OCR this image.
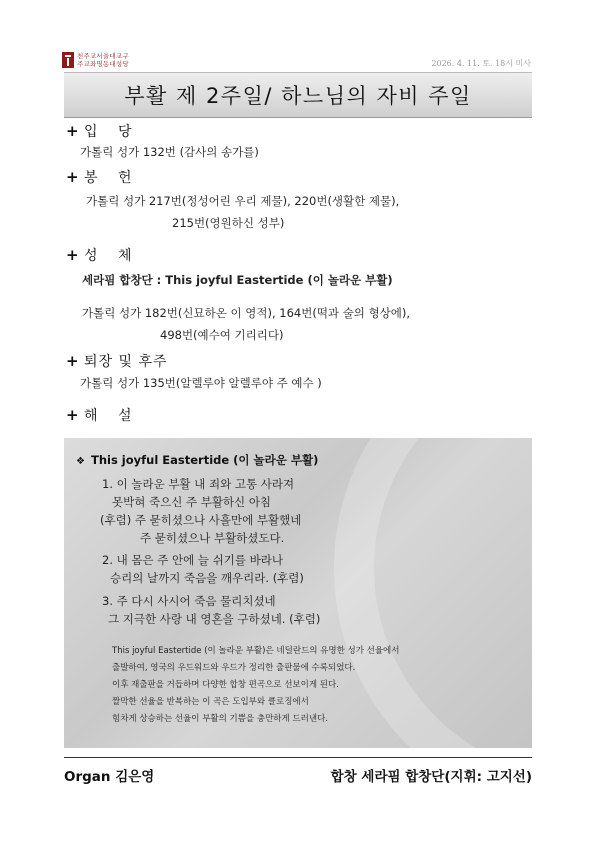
천주교서울대교구
주교좌명동대성당	2026. 4. 11. 토. 18시 미사
부활 제 2주일/ 하느님의 자비 주일
+ 입 당
가톨릭 성가 132번 (감사의 송가를)
+ 봉 헌
가톨릭 성가 217번(정성어린 우리 제물), 220번(생활한 제물),
215번(영원하신 성부)
+ 성 체
세라핌 합창단 : This joyful Eastertide (이 놀라운 부활)
가톨릭 성가 182번(신묘하온 이 영적), 164번(떡과 술의 형상에),
498번(예수여 기리리다)
+ 퇴장 및 후주
가톨릭 성가 135번(알렐루야 알렐루야 주 예수 )
+ 해 설
❖ This joyful Eastertide (이 놀라운 부활)
1. 이 놀라운 부활 내 죄와 고통 사라져
못박혀 죽으신 주 부활하신 아침
(후렴) 주 묻히셨으나 사흘만에 부활했네
주 묻히셨으나 부활하셨도다.
2. 내 몸은 주 안에 늘 쉬기를 바라나
승리의 날까지 죽음을 깨우리라. (후렴)
3. 주 다시 사시어 죽음 물리치셨네
그 지극한 사랑 내 영혼을 구하셨네. (후렴)
This joyful Eastertide (이 놀라운 부활)은 네덜란드의 유명한 성가 선율에서
출발하여, 영국의 우드워드와 우드가 정리한 출판물에 수록되었다.
이후 재출판을 거듭하며 다양한 합창 편곡으로 선보이게 된다.
짤막한 선율을 반복하는 이 곡은 도입부와 클로징에서
힘차게 상승하는 선율이 부활의 기쁨을 충만하게 드러낸다.
Organ 김은영	합창 세라핌 합창단(지휘: 고지선)
